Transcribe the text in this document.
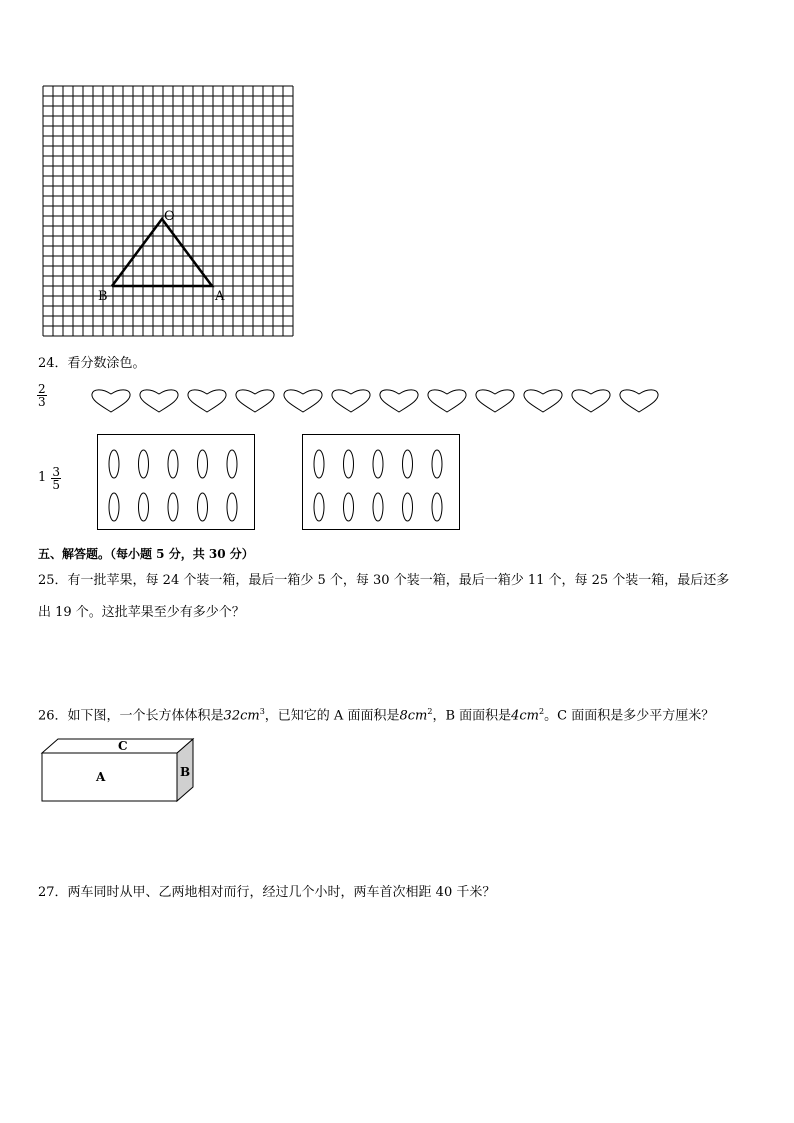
O
B	A
24．看分数涂色。
$\frac{2}{3}$
$^1 \frac{3}{5}$
五、解答题。（每小题 5 分，共 30 分）
25．有一批苹果，每 24 个装一箱，最后一箱少 5 个，每 30 个装一箱，最后一箱少 11 个，每 25 个装一箱，最后还多
出 19 个。这批苹果至少有多少个？
26．如下图，一个长方体体积是$32cm^3$，已知它的 A 面面积是$8cm^2$，B 面面积是$4cm^2$。C 面面积是多少平方厘米？
C
A	B
27．两车同时从甲、乙两地相对而行，经过几个小时，两车首次相距 40 千米？
